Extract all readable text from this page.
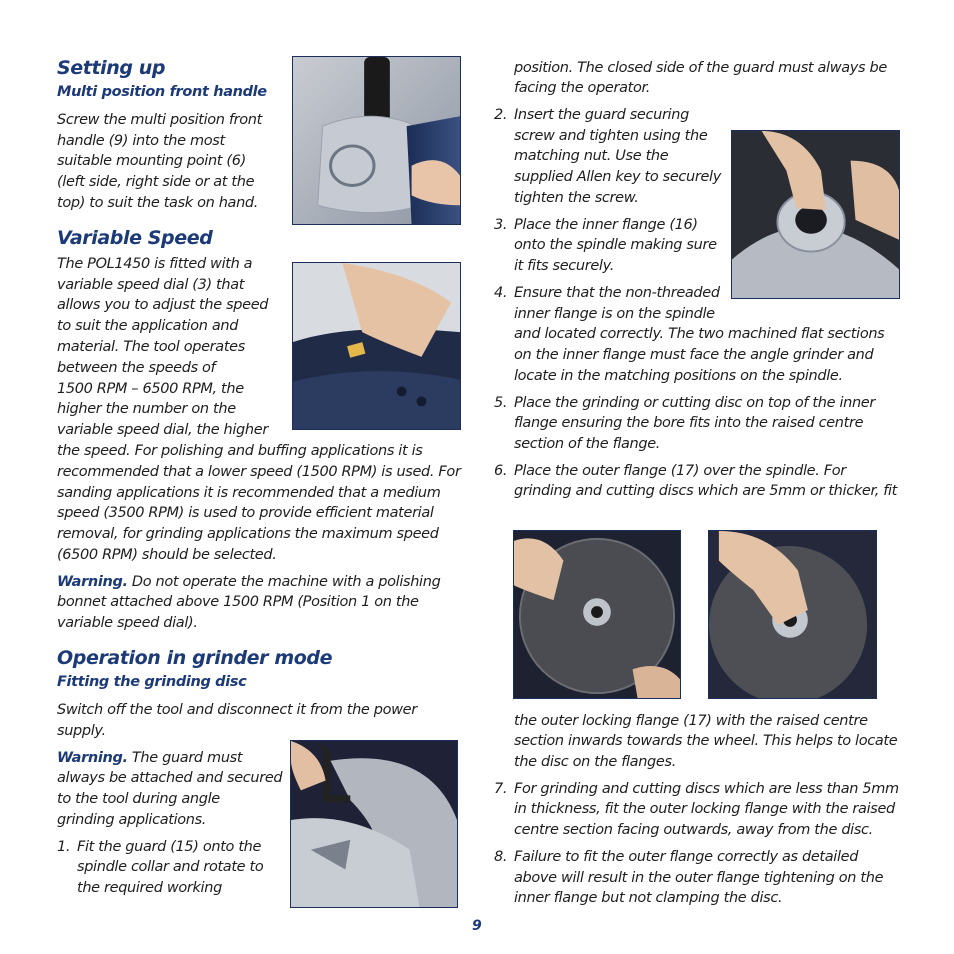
Setting up
Multi position front handle
Screw the multi position front
handle (9) into the most
suitable mounting point (6)
(left side, right side or at the
top) to suit the task on hand.
Variable Speed
The POL1450 is fitted with a
variable speed dial (3) that
allows you to adjust the speed
to suit the application and
material. The tool operates
between the speeds of
1500 RPM – 6500 RPM, the
higher the number on the
variable speed dial, the higher
the speed. For polishing and buffing applications it is
recommended that a lower speed (1500 RPM) is used. For
sanding applications it is recommended that a medium
speed (3500 RPM) is used to provide efficient material
removal, for grinding applications the maximum speed
(6500 RPM) should be selected.
Warning. Do not operate the machine with a polishing
bonnet attached above 1500 RPM (Position 1 on the
variable speed dial).
Operation in grinder mode
Fitting the grinding disc
Switch off the tool and disconnect it from the power
supply.
Warning. The guard must
always be attached and secured
to the tool during angle
grinding applications.
1. Fit the guard (15) onto the
spindle collar and rotate to
the required working
position. The closed side of the guard must always be
facing the operator.
2. Insert the guard securing
screw and tighten using the
matching nut. Use the
supplied Allen key to securely
tighten the screw.
3. Place the inner flange (16)
onto the spindle making sure
it fits securely.
4. Ensure that the non-threaded
inner flange is on the spindle
and located correctly. The two machined flat sections
on the inner flange must face the angle grinder and
locate in the matching positions on the spindle.
5. Place the grinding or cutting disc on top of the inner
flange ensuring the bore fits into the raised centre
section of the flange.
6. Place the outer flange (17) over the spindle. For
grinding and cutting discs which are 5mm or thicker, fit
the outer locking flange (17) with the raised centre
section inwards towards the wheel. This helps to locate
the disc on the flanges.
7. For grinding and cutting discs which are less than 5mm
in thickness, fit the outer locking flange with the raised
centre section facing outwards, away from the disc.
8. Failure to fit the outer flange correctly as detailed
above will result in the outer flange tightening on the
inner flange but not clamping the disc.
9
